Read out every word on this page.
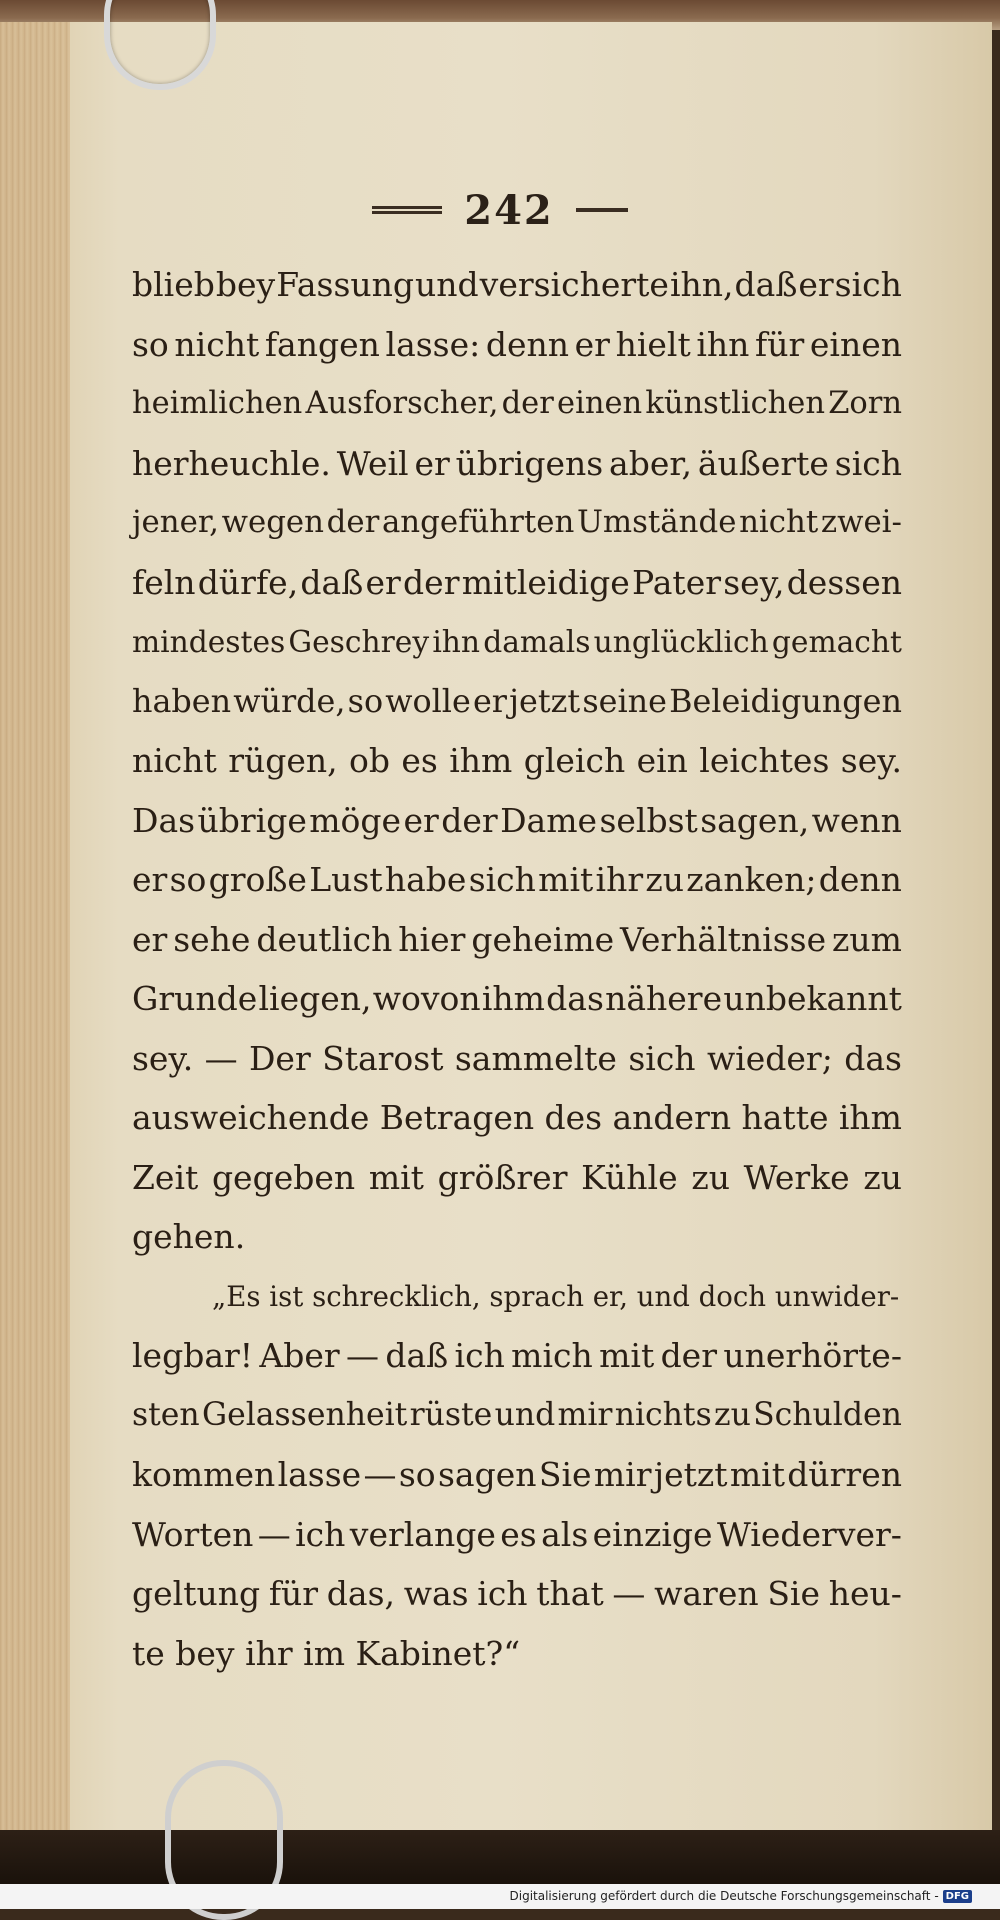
242
blieb bey Fassung und versicherte ihn, daß er sich
so nicht fangen lasse: denn er hielt ihn für einen
heimlichen Ausforscher, der einen künstlichen Zorn
herheuchle. Weil er übrigens aber, äußerte sich
jener, wegen der angeführten Umstände nicht zwei-
feln dürfe, daß er der mitleidige Pater sey, dessen
mindestes Geschrey ihn damals unglücklich gemacht
haben würde, so wolle er jetzt seine Beleidigungen
nicht rügen, ob es ihm gleich ein leichtes sey.
Das übrige möge er der Dame selbst sagen, wenn
er so große Lust habe sich mit ihr zu zanken; denn
er sehe deutlich hier geheime Verhältnisse zum
Grunde liegen, wovon ihm das nähere unbekannt
sey. — Der Starost sammelte sich wieder; das
ausweichende Betragen des andern hatte ihm
Zeit gegeben mit größrer Kühle zu Werke zu
gehen.
„Es ist schrecklich, sprach er, und doch unwider-
legbar! Aber — daß ich mich mit der unerhörte-
sten Gelassenheit rüste und mir nichts zu Schulden
kommen lasse — so sagen Sie mir jetzt mit dürren
Worten — ich verlange es als einzige Wiederver-
geltung für das, was ich that — waren Sie heu-
te bey ihr im Kabinet?“
Digitalisierung gefördert durch die Deutsche Forschungsgemeinschaft - DFG
